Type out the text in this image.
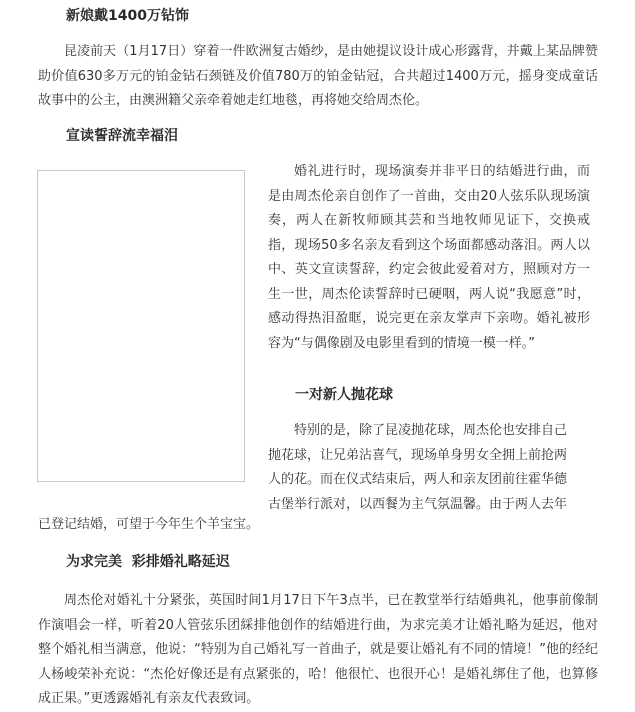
新娘戴1400万钻饰

昆凌前天（1月17日）穿着一件欧洲复古婚纱，是由她提议设计成心形露背，并戴上某品牌赞助价值630多万元的铂金钻石颈链及价值780万的铂金钻冠，合共超过1400万元，摇身变成童话故事中的公主，由澳洲籍父亲牵着她走红地毯，再将她交给周杰伦。

宣读誓辞流幸福泪

婚礼进行时，现场演奏并非平日的结婚进行曲，而是由周杰伦亲自创作了一首曲，交由20人弦乐队现场演奏，两人在新牧师顾其芸和当地牧师见证下，交换戒指，现场50多名亲友看到这个场面都感动落泪。两人以中、英文宣读誓辞，约定会彼此爱着对方，照顾对方一生一世，周杰伦读誓辞时已硬咽，两人说“我愿意”时，感动得热泪盈眶，说完更在亲友掌声下亲吻。婚礼被形容为“与偶像剧及电影里看到的情境一模一样。”

一对新人抛花球
特别的是，除了昆凌抛花球，周杰伦也安排自己
抛花球，让兄弟沾喜气，现场单身男女全拥上前抢两
人的花。而在仪式结束后，两人和亲友团前往霍华德
古堡举行派对，以西餐为主气氛温馨。由于两人去年

已登记结婚，可望于今年生个羊宝宝。

为求完美  彩排婚礼略延迟

周杰伦对婚礼十分紧张，英国时间1月17日下午3点半，已在教堂举行结婚典礼，他事前像制作演唱会一样，听着20人管弦乐团綵排他创作的结婚进行曲，为求完美才让婚礼略为延迟，他对整个婚礼相当满意，他说：“特别为自己婚礼写一首曲子，就是要让婚礼有不同的情境！”他的经纪人杨峻荣补充说：“杰伦好像还是有点紧张的，哈！他很忙、也很开心！是婚礼绑住了他，也算修成正果。”更透露婚礼有亲友代表致词。
